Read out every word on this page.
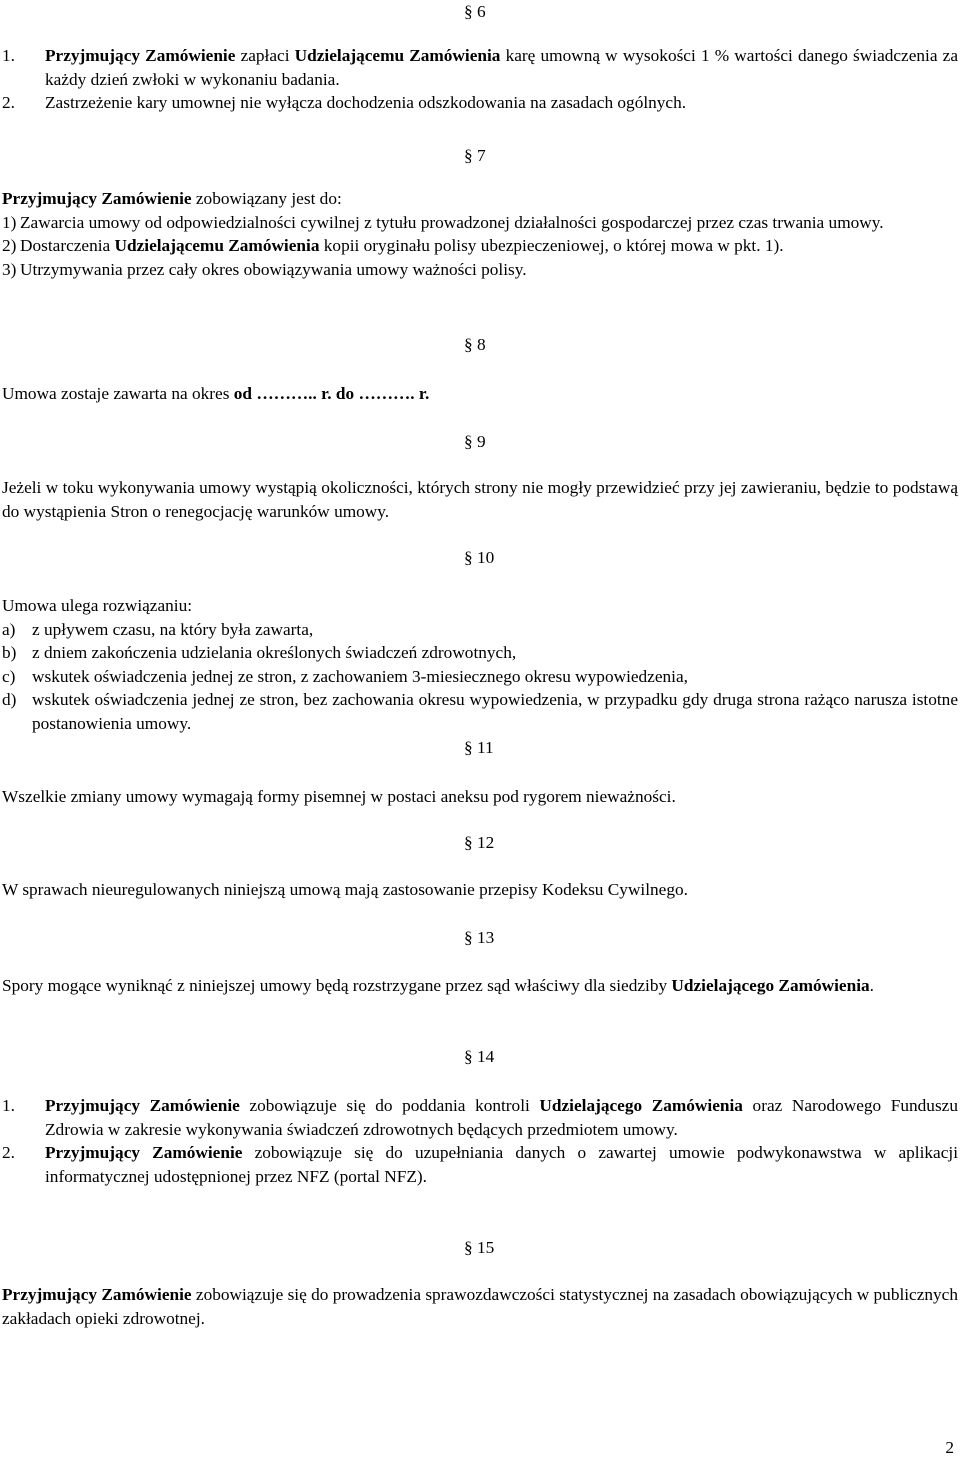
§ 6
1.	Przyjmujący Zamówienie zapłaci Udzielającemu Zamówienia karę umowną w wysokości 1 % wartości danego świadczenia za każdy dzień zwłoki w wykonaniu badania.
2.	Zastrzeżenie kary umownej nie wyłącza dochodzenia odszkodowania na zasadach ogólnych.
§ 7
Przyjmujący Zamówienie zobowiązany jest do:
1) Zawarcia umowy od odpowiedzialności cywilnej z tytułu prowadzonej działalności gospodarczej przez czas trwania umowy.
2) Dostarczenia Udzielającemu Zamówienia kopii oryginału polisy ubezpieczeniowej, o której mowa w pkt. 1).
3) Utrzymywania przez cały okres obowiązywania umowy ważności polisy.
§ 8
Umowa zostaje zawarta na okres od ……….. r. do ………. r.
§ 9
Jeżeli w toku wykonywania umowy wystąpią okoliczności, których strony nie mogły przewidzieć przy jej zawieraniu, będzie to podstawą do wystąpienia Stron o renegocjację warunków umowy.
§ 10
Umowa ulega rozwiązaniu:
a) z upływem czasu, na który była zawarta,
b) z dniem zakończenia udzielania określonych świadczeń zdrowotnych,
c) wskutek oświadczenia jednej ze stron, z zachowaniem 3-miesiecznego okresu wypowiedzenia,
d) wskutek oświadczenia jednej ze stron, bez zachowania okresu wypowiedzenia, w przypadku gdy druga strona rażąco narusza istotne postanowienia umowy.
§ 11
Wszelkie zmiany umowy wymagają formy pisemnej w postaci aneksu pod rygorem nieważności.
§ 12
W sprawach nieuregulowanych niniejszą umową mają zastosowanie przepisy Kodeksu Cywilnego.
§ 13
Spory mogące wyniknąć z niniejszej umowy będą rozstrzygane przez sąd właściwy dla siedziby Udzielającego Zamówienia.
§ 14
1.	Przyjmujący Zamówienie zobowiązuje się do poddania kontroli Udzielającego Zamówienia oraz Narodowego Funduszu Zdrowia w zakresie wykonywania świadczeń zdrowotnych będących przedmiotem umowy.
2.	Przyjmujący Zamówienie zobowiązuje się do uzupełniania danych o zawartej umowie podwykonawstwa w aplikacji informatycznej udostępnionej przez NFZ (portal NFZ).
§ 15
Przyjmujący Zamówienie zobowiązuje się do prowadzenia sprawozdawczości statystycznej na zasadach obowiązujących w publicznych zakładach opieki zdrowotnej.
2
